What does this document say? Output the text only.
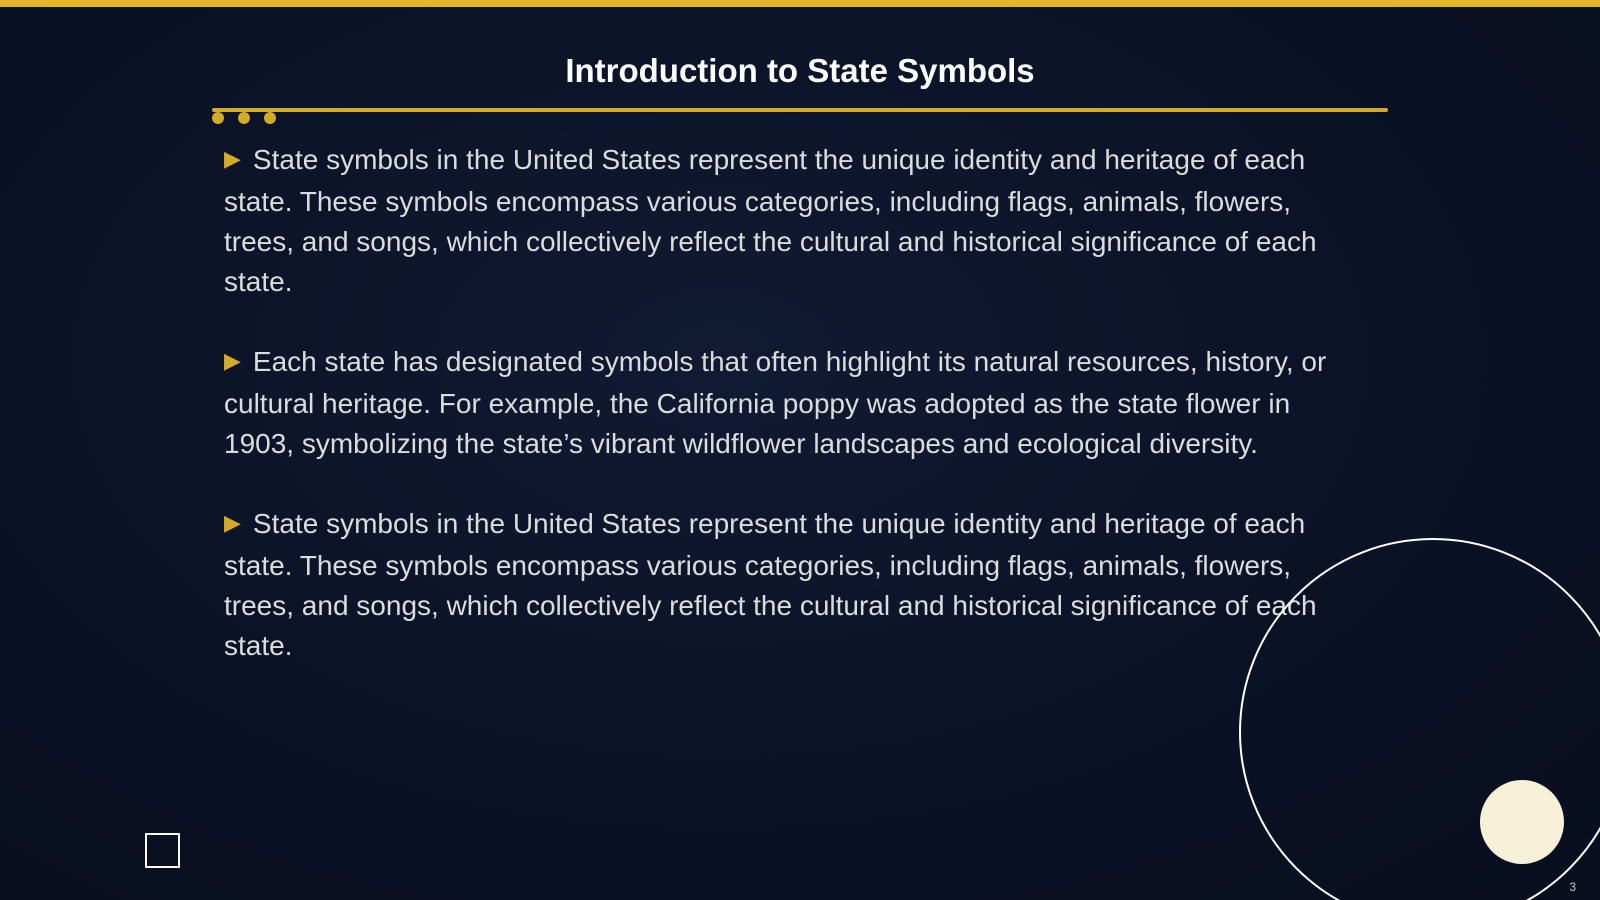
Introduction to State Symbols

▶ State symbols in the United States represent the unique identity and heritage of each state. These symbols encompass various categories, including flags, animals, flowers, trees, and songs, which collectively reflect the cultural and historical significance of each state.

▶ Each state has designated symbols that often highlight its natural resources, history, or cultural heritage. For example, the California poppy was adopted as the state flower in 1903, symbolizing the state’s vibrant wildflower landscapes and ecological diversity.

▶ State symbols in the United States represent the unique identity and heritage of each state. These symbols encompass various categories, including flags, animals, flowers, trees, and songs, which collectively reflect the cultural and historical significance of each state.

3
